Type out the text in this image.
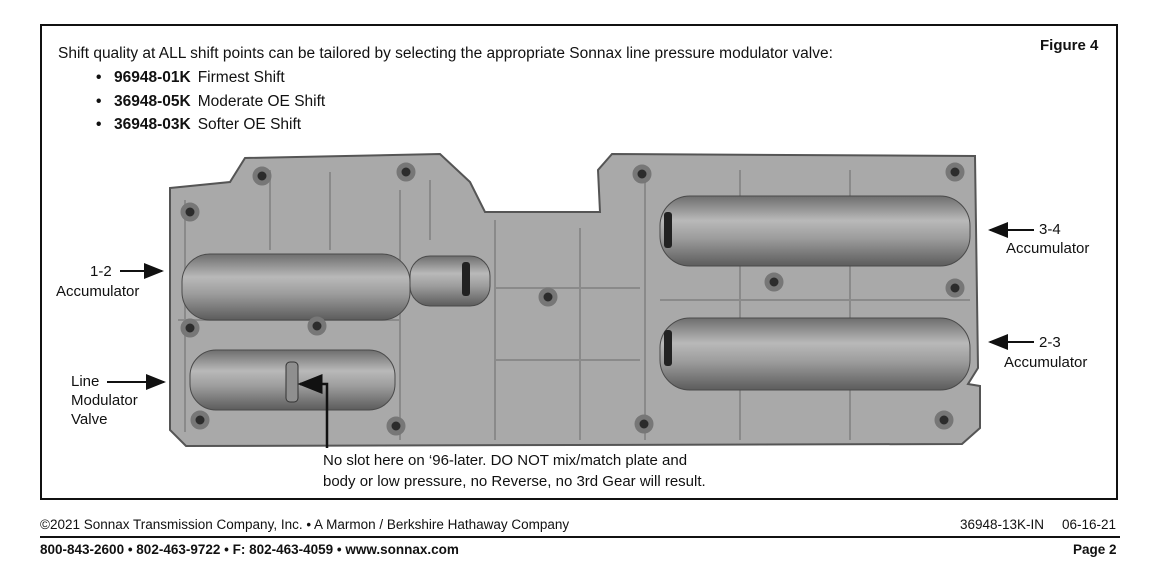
Shift quality at ALL shift points can be tailored by selecting the appropriate Sonnax line pressure modulator valve:	Figure 4
• 96948-01K Firmest Shift
• 36948-05K Moderate OE Shift
• 36948-03K Softer OE Shift
1-2
Accumulator
Line
Modulator
Valve
3-4
Accumulator
2-3
Accumulator
No slot here on ‘96-later. DO NOT mix/match plate and
body or low pressure, no Reverse, no 3rd Gear will result.
©2021 Sonnax Transmission Company, Inc. • A Marmon / Berkshire Hathaway Company	36948-13K-IN 06-16-21
800-843-2600 • 802-463-9722 • F: 802-463-4059 • www.sonnax.com	Page 2
